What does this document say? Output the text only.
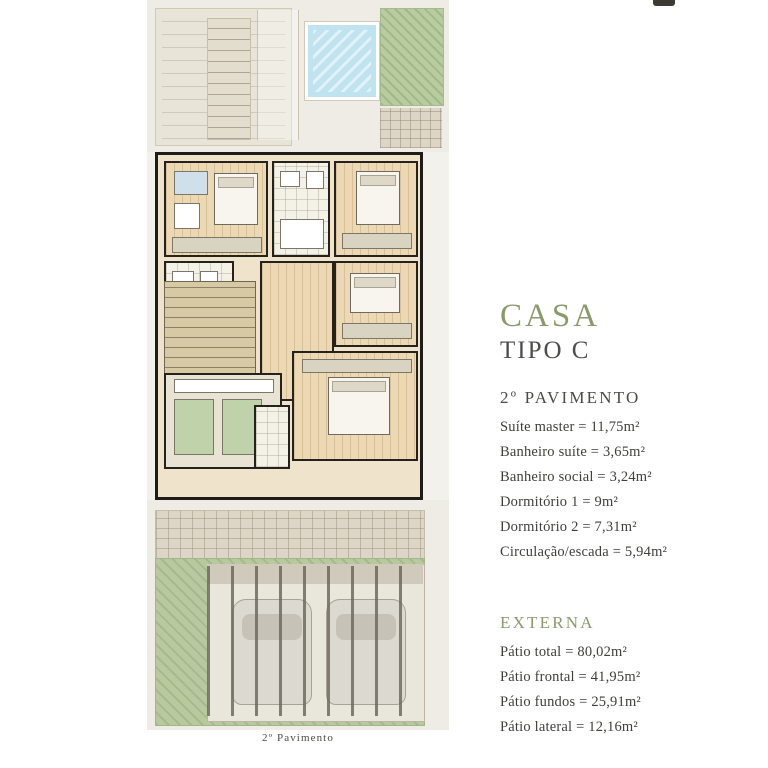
2º Pavimento
CASA
TIPO C
2º PAVIMENTO
Suíte master = 11,75m²
Banheiro suíte = 3,65m²
Banheiro social = 3,24m²
Dormitório 1 = 9m²
Dormitório 2 = 7,31m²
Circulação/escada = 5,94m²
EXTERNA
Pátio total = 80,02m²
Pátio frontal = 41,95m²
Pátio fundos = 25,91m²
Pátio lateral = 12,16m²
